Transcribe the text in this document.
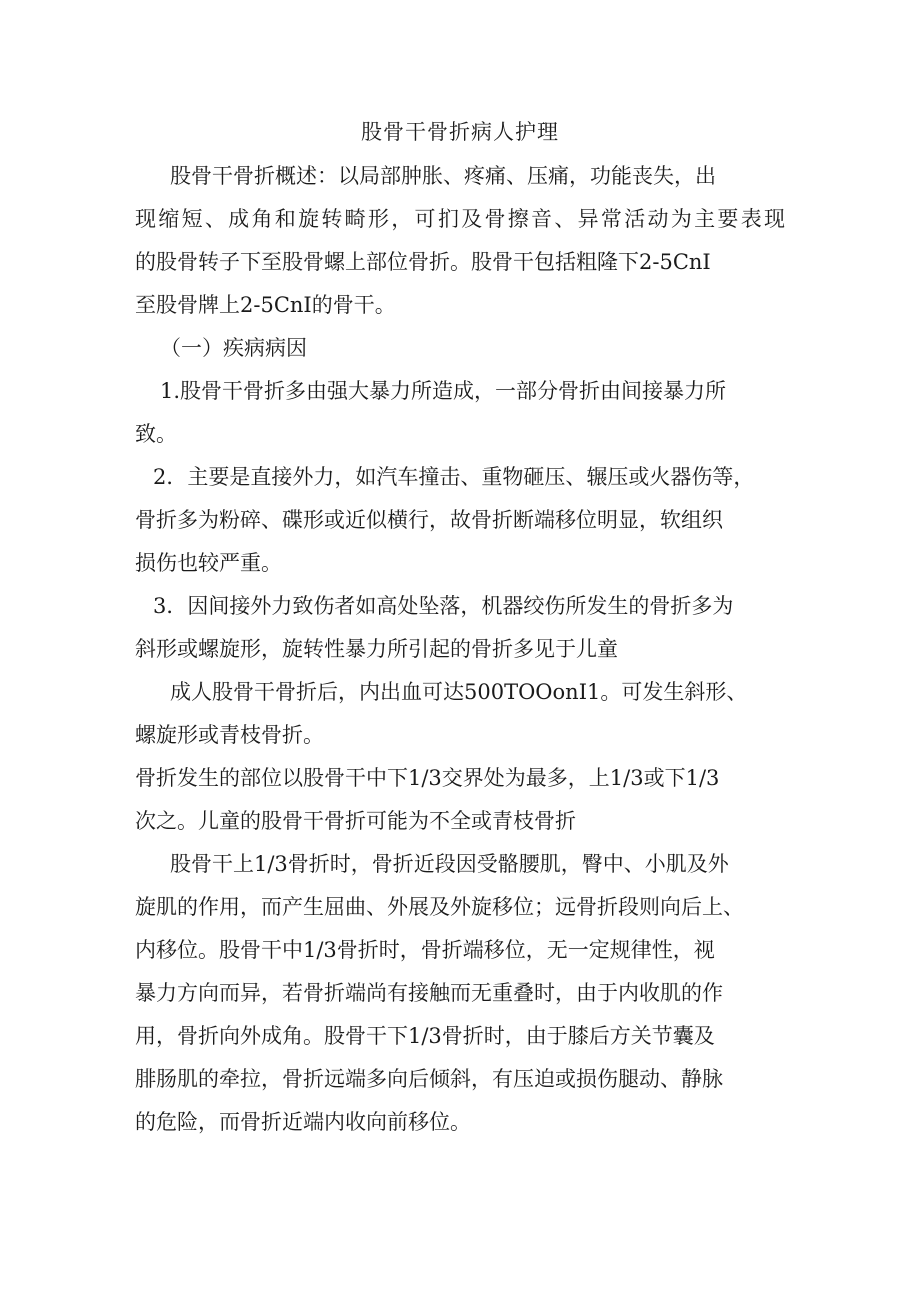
股骨干骨折病人护理

股骨干骨折概述：以局部肿胀、疼痛、压痛，功能丧失，出

现缩短、成角和旋转畸形，可扪及骨擦音、异常活动为主要表现

的股骨转子下至股骨螺上部位骨折。股骨干包括粗隆下2-5CnI

至股骨牌上2-5CnI的骨干。

（一）疾病病因

1.股骨干骨折多由强大暴力所造成，一部分骨折由间接暴力所

致。

2．主要是直接外力，如汽车撞击、重物砸压、辗压或火器伤等，

骨折多为粉碎、碟形或近似横行，故骨折断端移位明显，软组织

损伤也较严重。

3．因间接外力致伤者如高处坠落，机器绞伤所发生的骨折多为

斜形或螺旋形，旋转性暴力所引起的骨折多见于儿童

成人股骨干骨折后，内出血可达500TOOonI1。可发生斜形、

螺旋形或青枝骨折。

骨折发生的部位以股骨干中下1/3交界处为最多，上1/3或下1/3

次之。儿童的股骨干骨折可能为不全或青枝骨折

股骨干上1/3骨折时，骨折近段因受骼腰肌，臀中、小肌及外

旋肌的作用，而产生屈曲、外展及外旋移位；远骨折段则向后上、

内移位。股骨干中1/3骨折时，骨折端移位，无一定规律性，视

暴力方向而异，若骨折端尚有接触而无重叠时，由于内收肌的作

用，骨折向外成角。股骨干下1/3骨折时，由于膝后方关节囊及

腓肠肌的牵拉，骨折远端多向后倾斜，有压迫或损伤腿动、静脉

的危险，而骨折近端内收向前移位。
